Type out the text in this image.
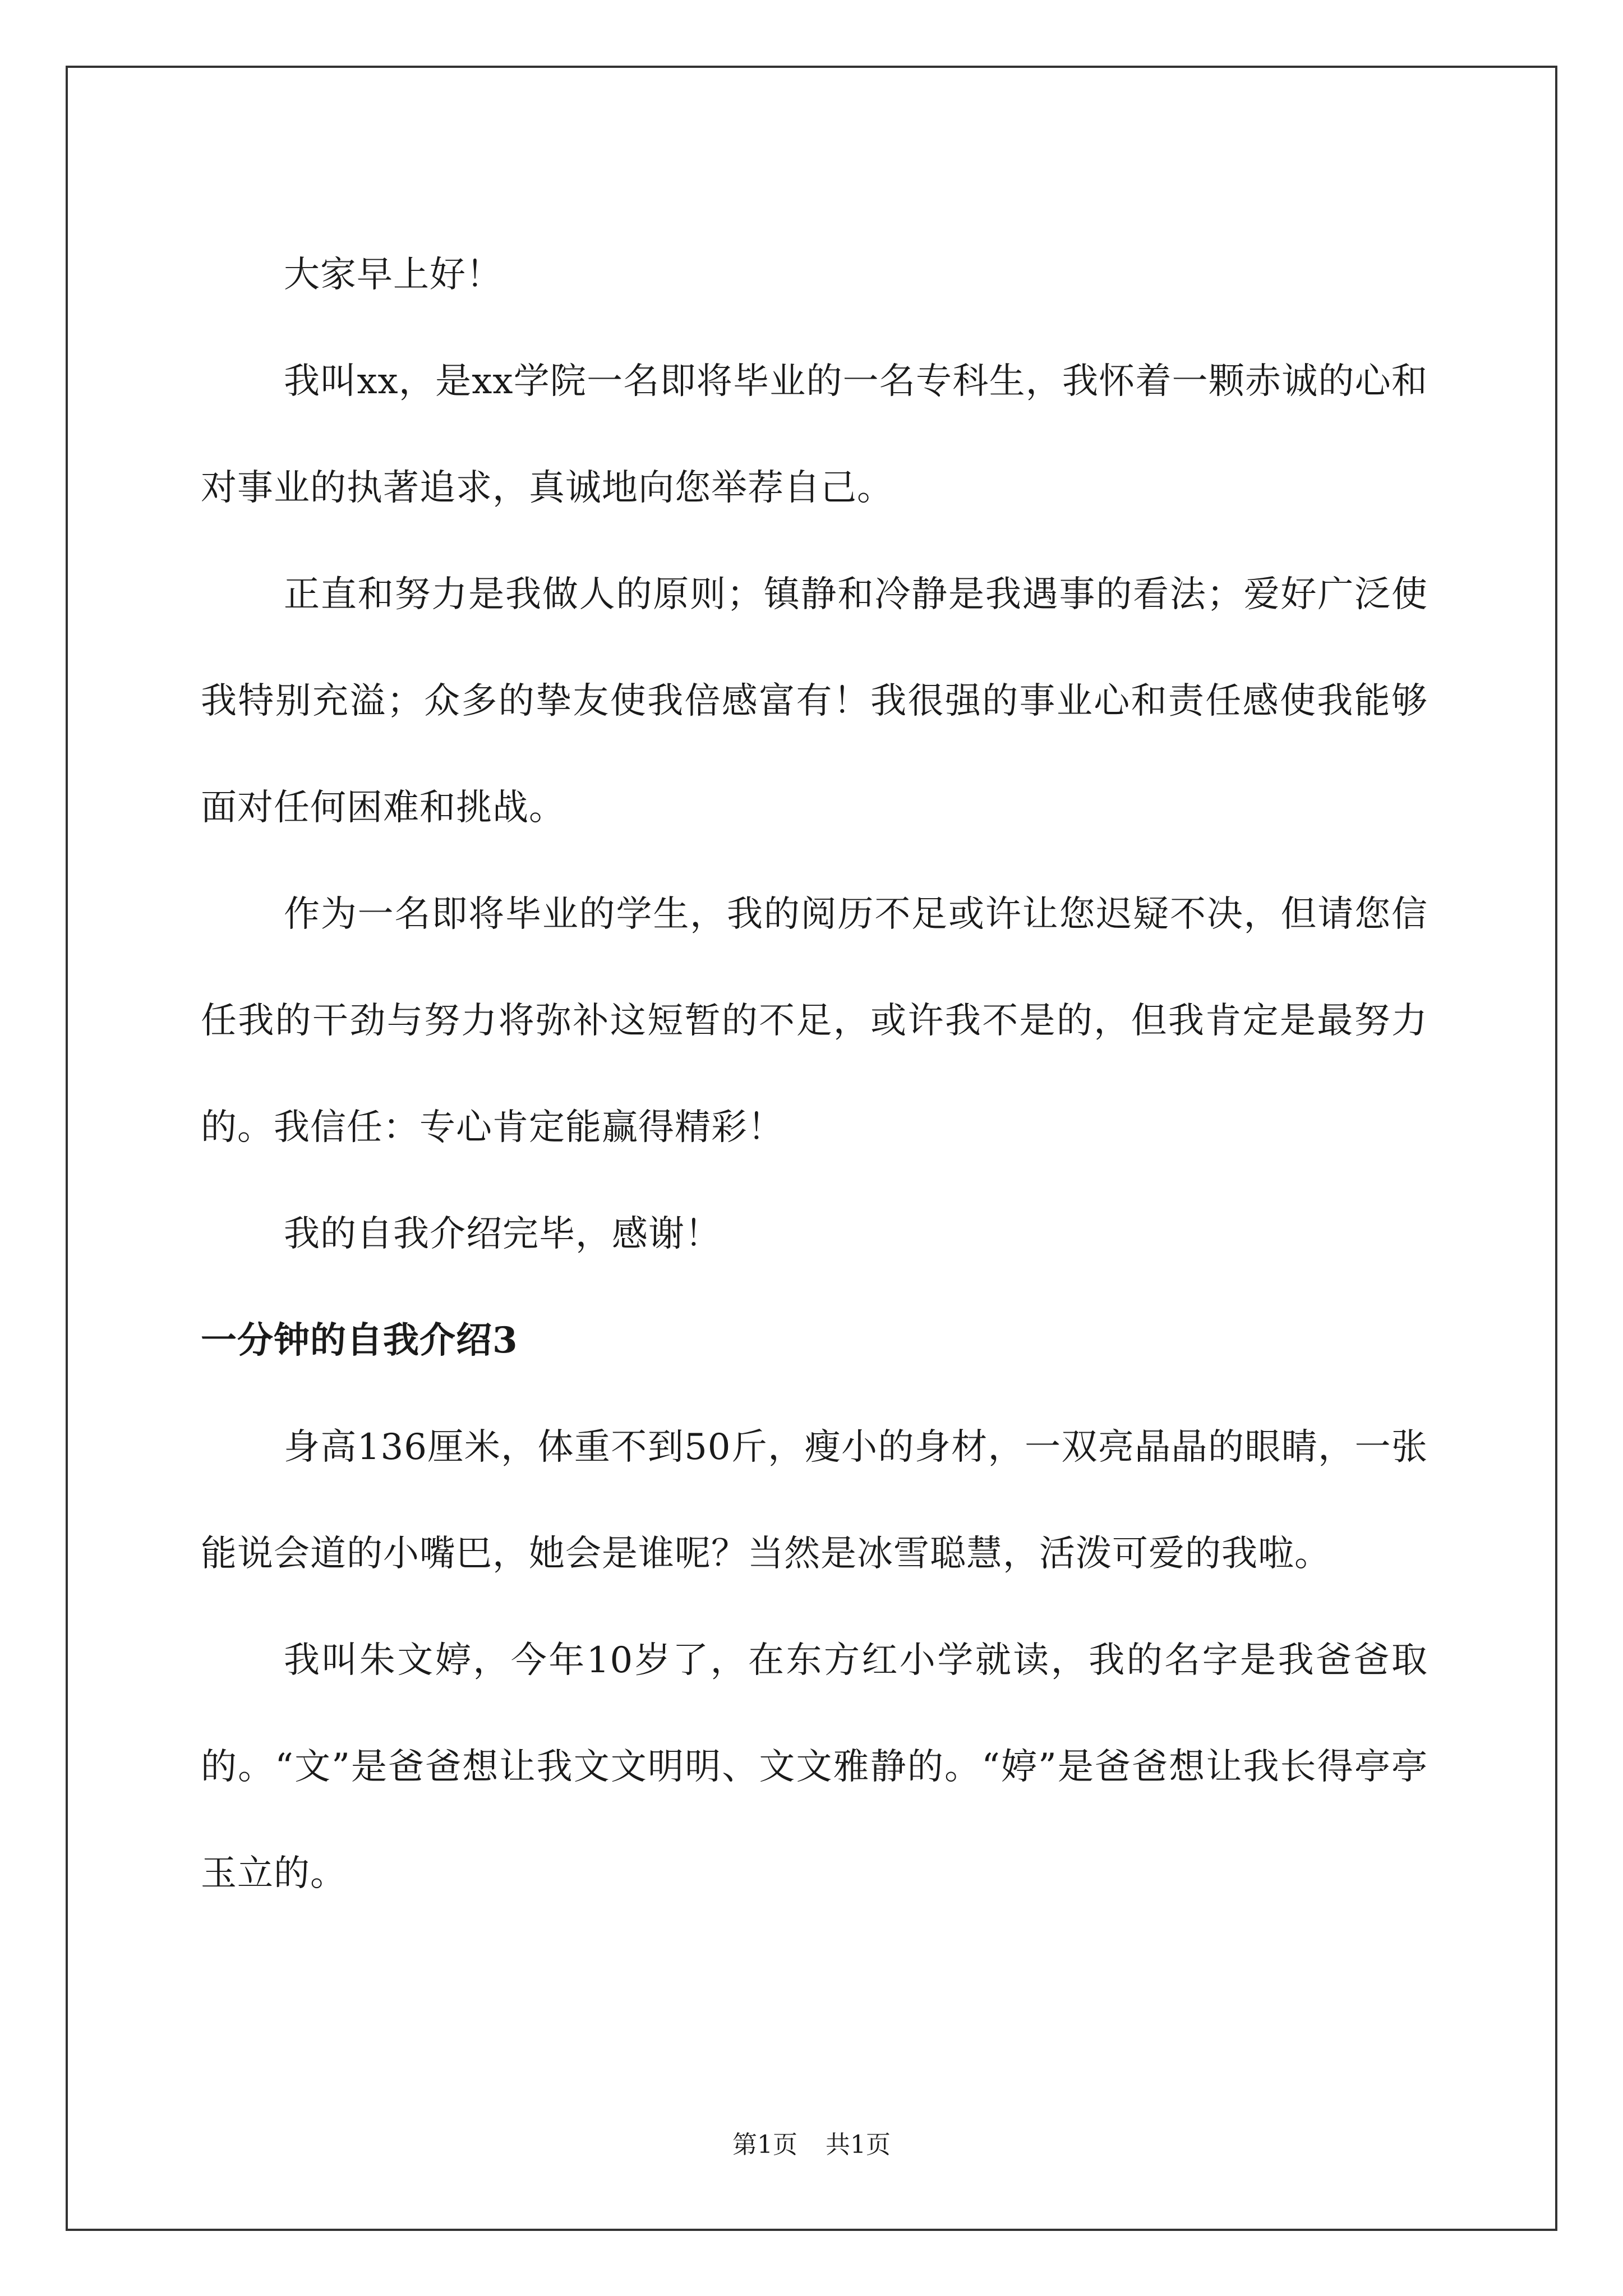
大家早上好！

我叫xx，是xx学院一名即将毕业的一名专科生，我怀着一颗赤诚的心和对事业的执著追求，真诚地向您举荐自己。

正直和努力是我做人的原则；镇静和冷静是我遇事的看法；爱好广泛使我特别充溢；众多的挚友使我倍感富有！我很强的事业心和责任感使我能够面对任何困难和挑战。

作为一名即将毕业的学生，我的阅历不足或许让您迟疑不决，但请您信任我的干劲与努力将弥补这短暂的不足，或许我不是的，但我肯定是最努力的。我信任：专心肯定能赢得精彩！

我的自我介绍完毕，感谢！

一分钟的自我介绍3

身高136厘米，体重不到50斤，瘦小的身材，一双亮晶晶的眼睛，一张能说会道的小嘴巴，她会是谁呢？当然是冰雪聪慧，活泼可爱的我啦。

我叫朱文婷，今年10岁了，在东方红小学就读，我的名字是我爸爸取的。“文”是爸爸想让我文文明明、文文雅静的。“婷”是爸爸想让我长得亭亭玉立的。

第1页 共1页
